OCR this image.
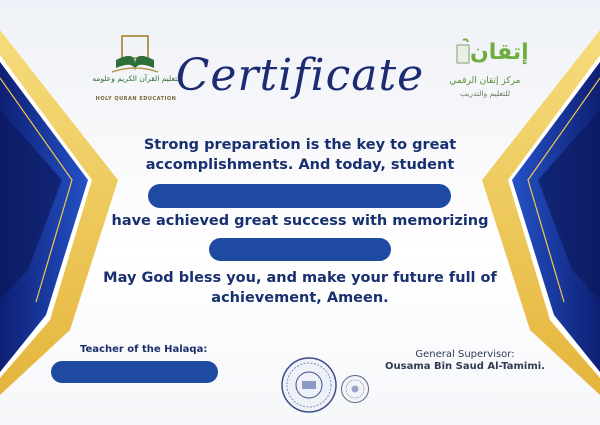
لتعليم القرآن الكريم وعلومه
HOLY QURAN EDUCATION
إتقان
مركز إتقان الرقمي
للتعليم والتدريب
Certificate
Strong preparation is the key to great
accomplishments. And today, student
have achieved great success with memorizing
May God bless you, and make your future full of
achievement, Ameen.
Teacher of the Halaqa:	General Supervisor:
Ousama Bin Saud Al-Tamimi.
